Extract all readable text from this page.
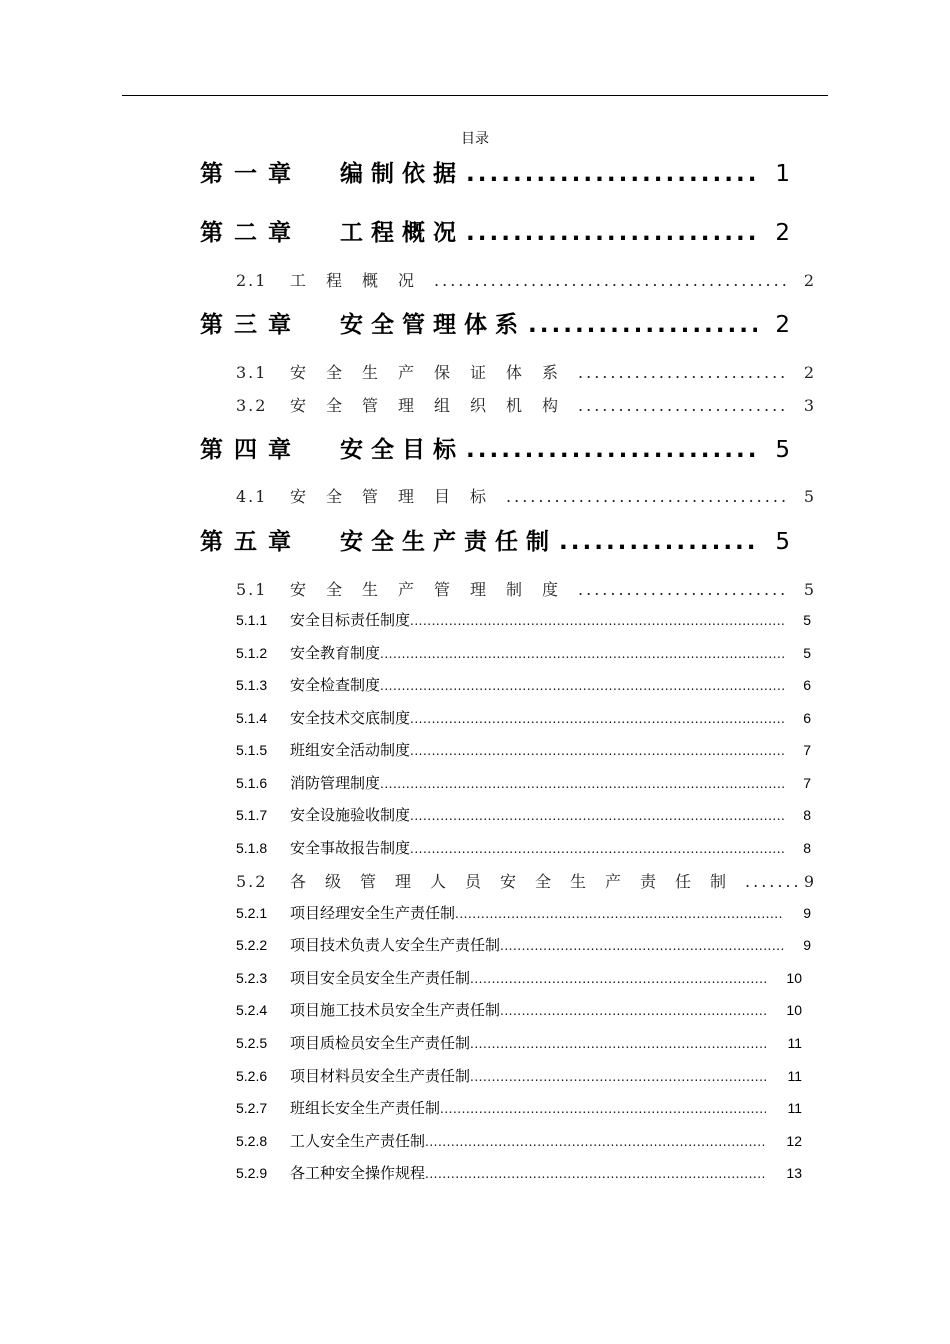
目录
第一章	编制依据 .....	1
第二章	工程概况 .....	2
2.1	工程概况 .....	2
第三章	安全管理体系 .....	2
3.1	安全生产保证体系 .....	2
3.2	安全管理组织机构 .....	3
第四章	安全目标 .....	5
4.1	安全管理目标 .....	5
第五章	安全生产责任制 .....	5
5.1	安全生产管理制度 .....	5
5.1.1	安全目标责任制度 .....	5
5.1.2	安全教育制度 .....	5
5.1.3	安全检查制度 .....	6
5.1.4	安全技术交底制度 .....	6
5.1.5	班组安全活动制度 .....	7
5.1.6	消防管理制度 .....	7
5.1.7	安全设施验收制度 .....	8
5.1.8	安全事故报告制度 .....	8
5.2	各级管理人员安全生产责任制 .....	9
5.2.1	项目经理安全生产责任制 .....	9
5.2.2	项目技术负责人安全生产责任制 .....	9
5.2.3	项目安全员安全生产责任制 .....	10
5.2.4	项目施工技术员安全生产责任制 .....	10
5.2.5	项目质检员安全生产责任制 .....	11
5.2.6	项目材料员安全生产责任制 .....	11
5.2.7	班组长安全生产责任制 .....	11
5.2.8	工人安全生产责任制 .....	12
5.2.9	各工种安全操作规程 .....	13
